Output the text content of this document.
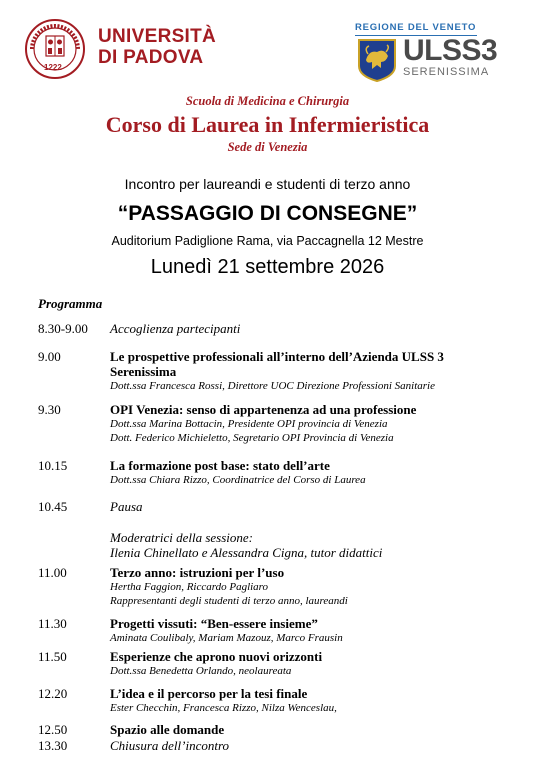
1222
UNIVERSITÀ
DI PADOVA
REGIONE DEL VENETO
ULSS3
SERENISSIMA
Scuola di Medicina e Chirurgia
Corso di Laurea in Infermieristica
Sede di Venezia
Incontro per laureandi e studenti di terzo anno
“PASSAGGIO DI CONSEGNE”
Auditorium Padiglione Rama, via Paccagnella 12 Mestre
Lunedì 21 settembre 2026
Programma
8.30-9.00 Accoglienza partecipanti
9.00	Le prospettive professionali all’interno dell’Azienda ULSS 3
Serenissima
Dott.ssa Francesca Rossi, Direttore UOC Direzione Professioni Sanitarie
9.30	OPI Venezia: senso di appartenenza ad una professione
Dott.ssa Marina Bottacin, Presidente OPI provincia di Venezia
Dott. Federico Michieletto, Segretario OPI Provincia di Venezia
10.15	La formazione post base: stato dell’arte
Dott.ssa Chiara Rizzo, Coordinatrice del Corso di Laurea
10.45	Pausa
Moderatrici della sessione:
Ilenia Chinellato e Alessandra Cigna, tutor didattici
11.00	Terzo anno: istruzioni per l’uso
Hertha Faggion, Riccardo Pagliaro
Rappresentanti degli studenti di terzo anno, laureandi
11.30	Progetti vissuti: “Ben-essere insieme”
Aminata Coulibaly, Mariam Mazouz, Marco Frausin
11.50	Esperienze che aprono nuovi orizzonti
Dott.ssa Benedetta Orlando, neolaureata
12.20	L’idea e il percorso per la tesi finale
Ester Checchin, Francesca Rizzo, Nilza Wenceslau,
12.50	Spazio alle domande
13.30	Chiusura dell’incontro
